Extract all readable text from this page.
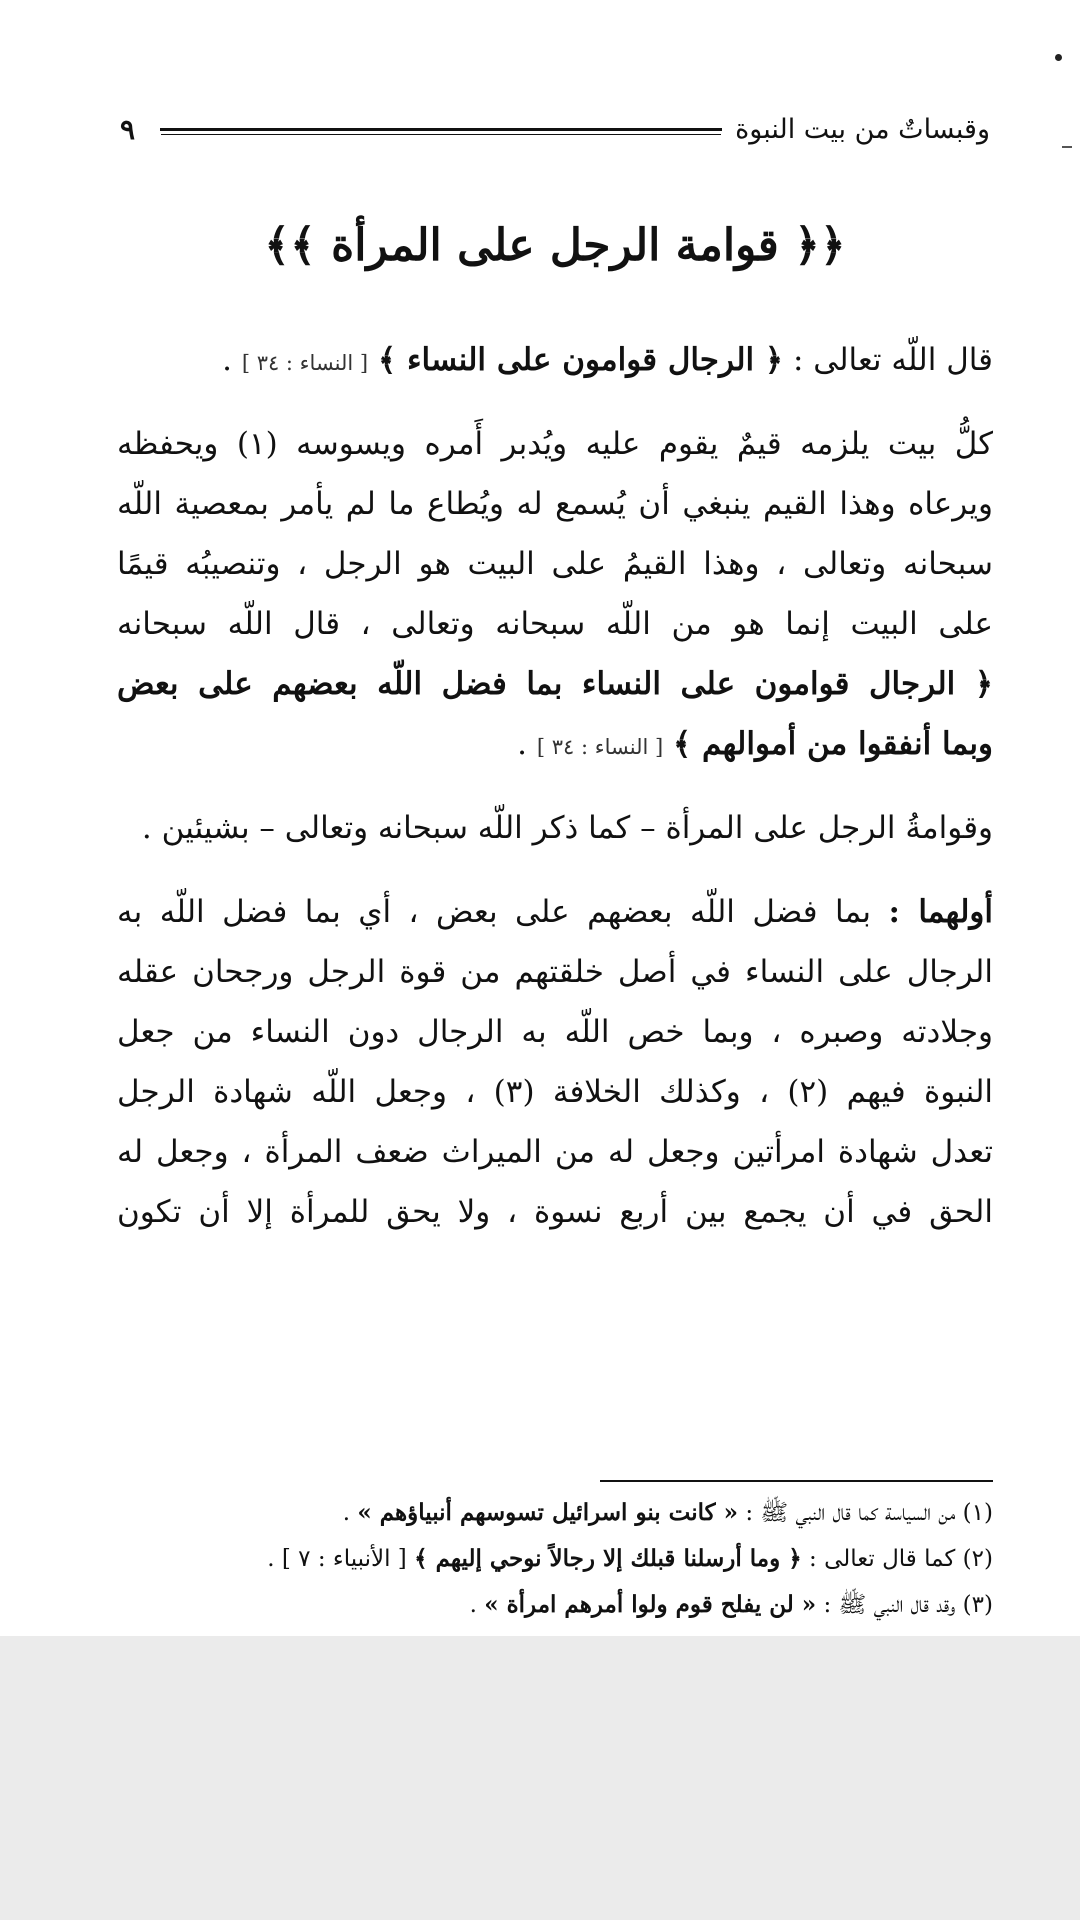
وقبساتٌ من بيت النبوة
٩
﴿﴿ قوامة الرجل على المرأة ﴾﴾
قال اللّه تعالى : ﴿ الرجال قوامون على النساء ﴾ [ النساء : ٣٤ ] .
كلُّ بيت يلزمه قيمٌ يقوم عليه ويُدبر أَمره ويسوسه (١) ويحفظه
ويرعاه وهذا القيم ينبغي أن يُسمع له ويُطاع ما لم يأمر بمعصية اللّه
سبحانه وتعالى ، وهذا القيمُ على البيت هو الرجل ، وتنصيبُه قيمًا
على البيت إنما هو من اللّه سبحانه وتعالى ، قال اللّه سبحانه
﴿ الرجال قوامون على النساء بما فضل اللّه بعضهم على بعض
وبما أنفقوا من أموالهم ﴾ [ النساء : ٣٤ ] .
وقوامةُ الرجل على المرأة – كما ذكر اللّه سبحانه وتعالى – بشيئين .
أولهما : بما فضل اللّه بعضهم على بعض ، أي بما فضل اللّه به
الرجال على النساء في أصل خلقتهم من قوة الرجل ورجحان عقله
وجلادته وصبره ، وبما خص اللّه به الرجال دون النساء من جعل
النبوة فيهم (٢) ، وكذلك الخلافة (٣) ، وجعل اللّه شهادة الرجل
تعدل شهادة امرأتين وجعل له من الميراث ضعف المرأة ، وجعل له
الحق في أن يجمع بين أربع نسوة ، ولا يحق للمرأة إلا أن تكون
(١) من السياسة كما قال النبي ﷺ : « كانت بنو اسرائيل تسوسهم أنبياؤهم » .
(٢) كما قال تعالى : ﴿ وما أرسلنا قبلك إلا رجالاً نوحي إليهم ﴾ [ الأنبياء : ٧ ] .
(٣) وقد قال النبي ﷺ : « لن يفلح قوم ولوا أمرهم امرأة » .
